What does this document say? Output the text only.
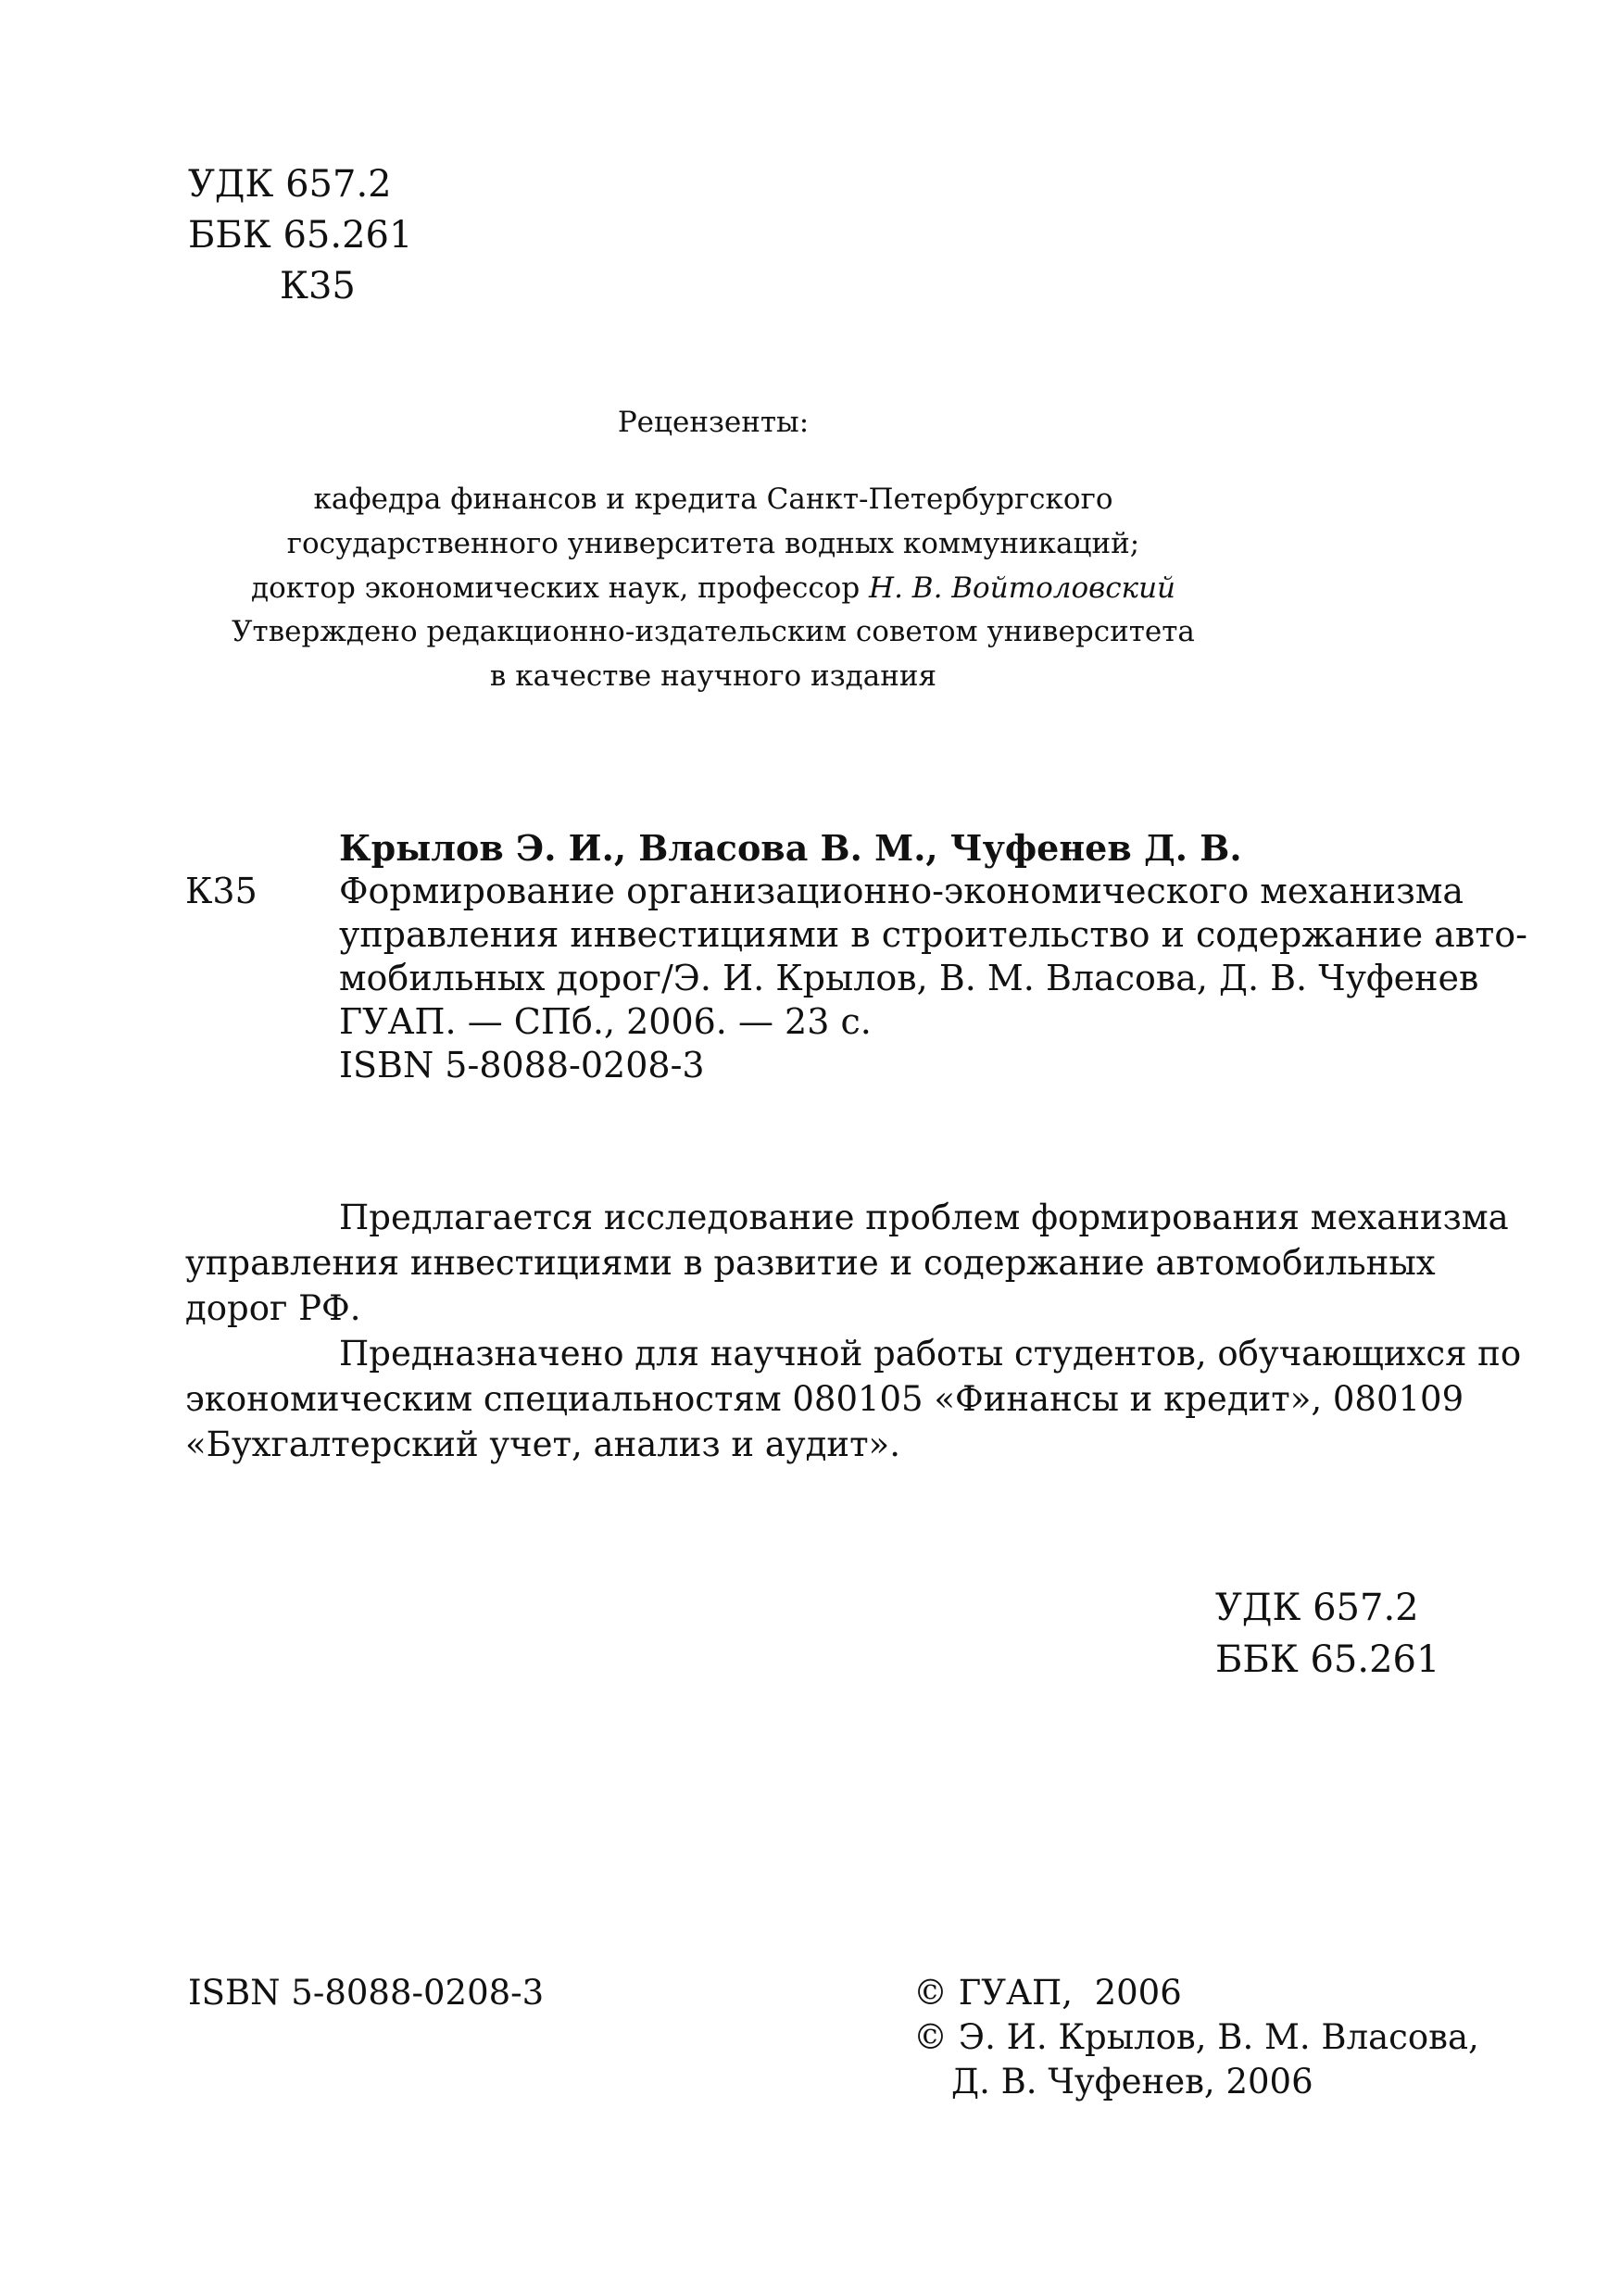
УДК 657.2
ББК 65.261
К35
Рецензенты:
кафедра финансов и кредита Санкт-Петербургского
государственного университета водных коммуникаций;
доктор экономических наук, профессор Н. В. Войтоловский
Утверждено редакционно-издательским советом университета
в качестве научного издания
Крылов Э. И., Власова В. М., Чуфенев Д. В.
К35	Формирование организационно-экономического механизма
управления инвестициями в строительство и содержание авто-
мобильных дорог/Э. И. Крылов, В. М. Власова, Д. В. Чуфенев
ГУАП. — СПб., 2006. — 23 с.
ISBN 5-8088-0208-3
Предлагается исследование проблем формирования механизма
управления инвестициями в развитие и содержание автомобильных
дорог РФ.
Предназначено для научной работы студентов, обучающихся по
экономическим специальностям 080105 «Финансы и кредит», 080109
«Бухгалтерский учет, анализ и аудит».
УДК 657.2
ББК 65.261
ISBN 5-8088-0208-3	© ГУАП,  2006
© Э. И. Крылов, В. М. Власова,
Д. В. Чуфенев, 2006
